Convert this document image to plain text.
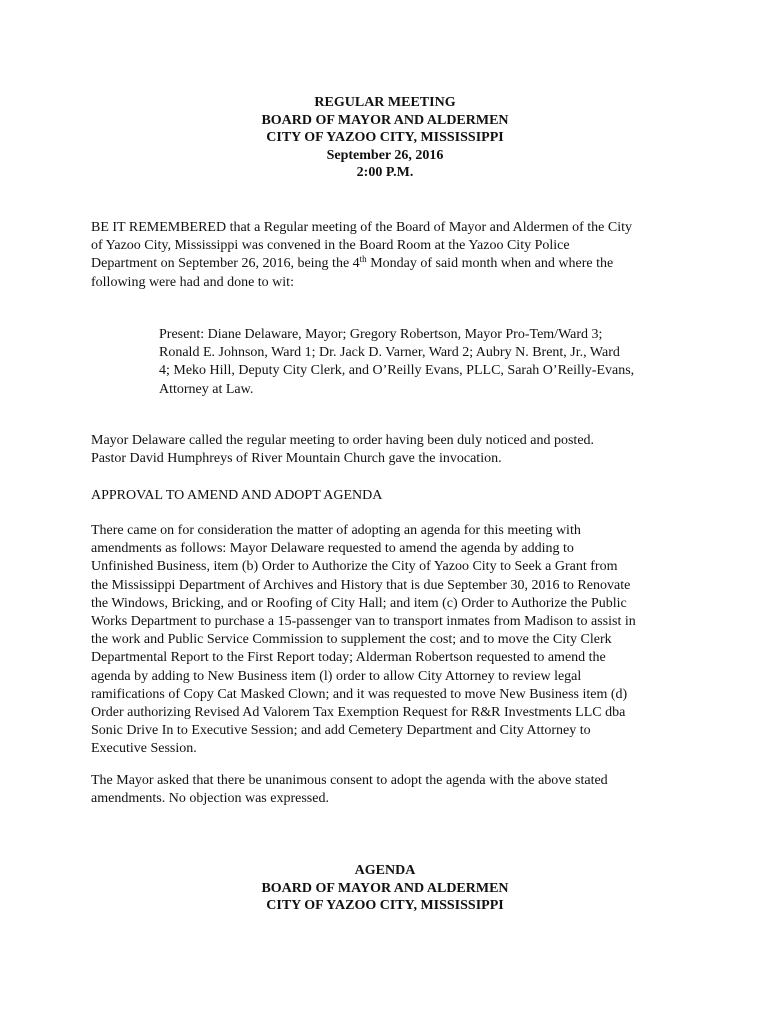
REGULAR MEETING
BOARD OF MAYOR AND ALDERMEN
CITY OF YAZOO CITY, MISSISSIPPI
September 26, 2016
2:00 P.M.
BE IT REMEMBERED that a Regular meeting of the Board of Mayor and Aldermen of the City
of Yazoo City, Mississippi was convened in the Board Room at the Yazoo City Police
Department on September 26, 2016, being the 4th Monday of said month when and where the
following were had and done to wit:
Present: Diane Delaware, Mayor; Gregory Robertson, Mayor Pro-Tem/Ward 3;
Ronald E. Johnson, Ward 1; Dr. Jack D. Varner, Ward 2; Aubry N. Brent, Jr., Ward
4; Meko Hill, Deputy City Clerk, and O’Reilly Evans, PLLC, Sarah O’Reilly-Evans,
Attorney at Law.
Mayor Delaware called the regular meeting to order having been duly noticed and posted.
Pastor David Humphreys of River Mountain Church gave the invocation.
APPROVAL TO AMEND AND ADOPT AGENDA
There came on for consideration the matter of adopting an agenda for this meeting with
amendments as follows: Mayor Delaware requested to amend the agenda by adding to
Unfinished Business, item (b) Order to Authorize the City of Yazoo City to Seek a Grant from
the Mississippi Department of Archives and History that is due September 30, 2016 to Renovate
the Windows, Bricking, and or Roofing of City Hall; and item (c) Order to Authorize the Public
Works Department to purchase a 15-passenger van to transport inmates from Madison to assist in
the work and Public Service Commission to supplement the cost; and to move the City Clerk
Departmental Report to the First Report today; Alderman Robertson requested to amend the
agenda by adding to New Business item (l) order to allow City Attorney to review legal
ramifications of Copy Cat Masked Clown; and it was requested to move New Business item (d)
Order authorizing Revised Ad Valorem Tax Exemption Request for R&R Investments LLC dba
Sonic Drive In to Executive Session; and add Cemetery Department and City Attorney to
Executive Session.
The Mayor asked that there be unanimous consent to adopt the agenda with the above stated
amendments. No objection was expressed.
AGENDA
BOARD OF MAYOR AND ALDERMEN
CITY OF YAZOO CITY, MISSISSIPPI
